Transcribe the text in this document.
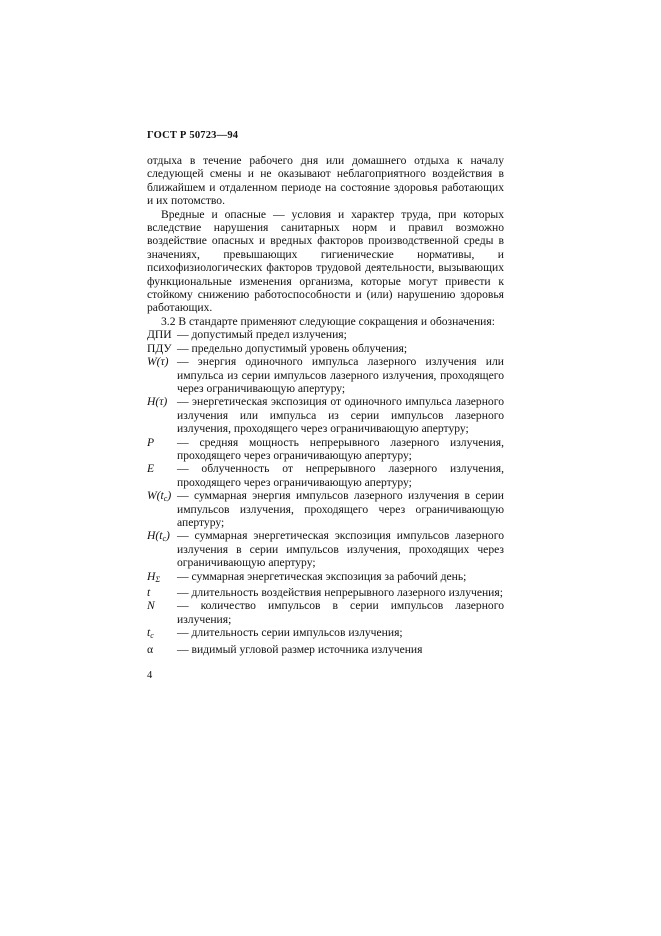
ГОСТ Р 50723—94

отдыха в течение рабочего дня или домашнего отдыха к началу следующей смены и не оказывают неблагоприятного воздействия в ближайшем и отдаленном периоде на состояние здоровья работающих и их потомство.

Вредные и опасные — условия и характер труда, при которых вследствие нарушения санитарных норм и правил возможно воздействие опасных и вредных факторов производственной среды в значениях, превышающих гигиенические нормативы, и психофизиологических факторов трудовой деятельности, вызывающих функциональные изменения организма, которые могут привести к стойкому снижению работоспособности и (или) нарушению здоровья работающих.

3.2 В стандарте применяют следующие сокращения и обозначения:

ДПИ — допустимый предел излучения;
ПДУ — предельно допустимый уровень облучения;
W(τ) — энергия одиночного импульса лазерного излучения или импульса из серии импульсов лазерного излучения, проходящего через ограничивающую апертуру;
H(τ) — энергетическая экспозиция от одиночного импульса лазерного излучения или импульса из серии импульсов лазерного излучения, проходящего через ограничивающую апертуру;
P	— средняя мощность непрерывного лазерного излучения, проходящего через ограничивающую апертуру;
E	— облученность от непрерывного лазерного излучения, проходящего через ограничивающую апертуру;
$W(t_c)$ — суммарная энергия импульсов лазерного излучения в серии импульсов излучения, проходящего через ограничивающую апертуру;
$H(t_c)$ — суммарная энергетическая экспозиция импульсов лазерного излучения в серии импульсов излучения, проходящих через ограничивающую апертуру;
$H_\Sigma$	— суммарная энергетическая экспозиция за рабочий день;
t	— длительность воздействия непрерывного лазерного излучения;
N	— количество импульсов в серии импульсов лазерного излучения;
$t_c$	— длительность серии импульсов излучения;
α	— видимый угловой размер источника излучения
4
